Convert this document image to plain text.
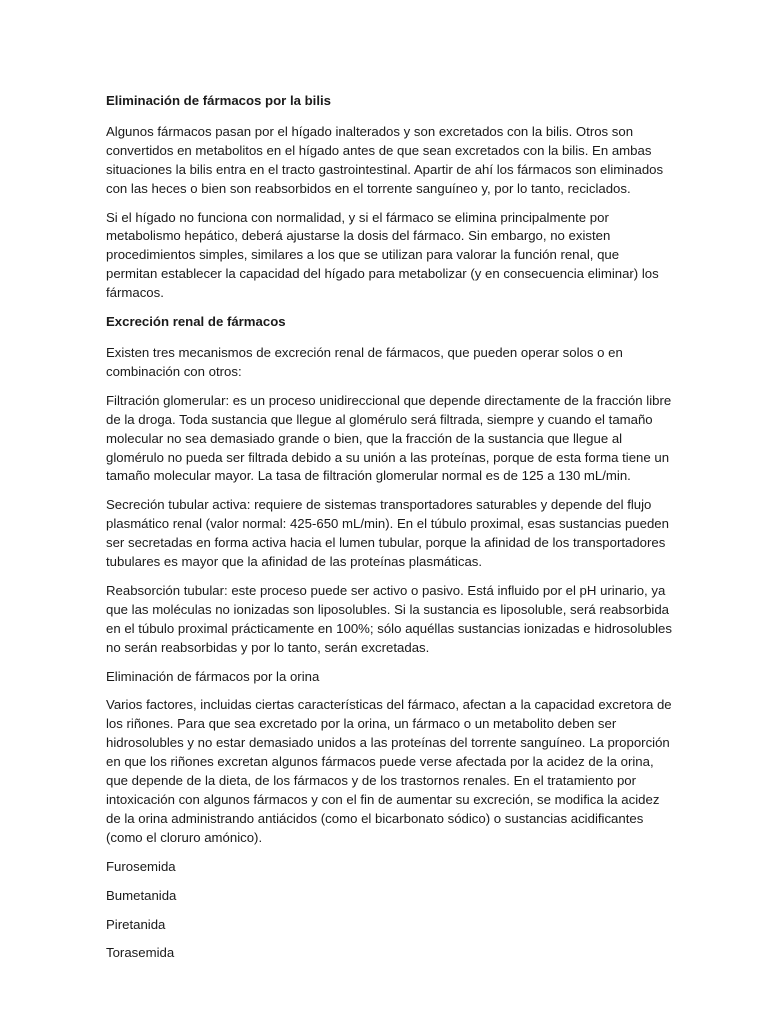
Eliminación de fármacos por la bilis

Algunos fármacos pasan por el hígado inalterados y son excretados con la bilis. Otros son convertidos en metabolitos en el hígado antes de que sean excretados con la bilis. En ambas situaciones la bilis entra en el tracto gastrointestinal. Apartir de ahí los fármacos son eliminados con las heces o bien son reabsorbidos en el torrente sanguíneo y, por lo tanto, reciclados.

Si el hígado no funciona con normalidad, y si el fármaco se elimina principalmente por metabolismo hepático, deberá ajustarse la dosis del fármaco. Sin embargo, no existen procedimientos simples, similares a los que se utilizan para valorar la función renal, que permitan establecer la capacidad del hígado para metabolizar (y en consecuencia eliminar) los fármacos.

Excreción renal de fármacos

Existen tres mecanismos de excreción renal de fármacos, que pueden operar solos o en combinación con otros:

Filtración glomerular: es un proceso unidireccional que depende directamente de la fracción libre de la droga. Toda sustancia que llegue al glomérulo será filtrada, siempre y cuando el tamaño molecular no sea demasiado grande o bien, que la fracción de la sustancia que llegue al glomérulo no pueda ser filtrada debido a su unión a las proteínas, porque de esta forma tiene un tamaño molecular mayor. La tasa de filtración glomerular normal es de 125 a 130 mL/min.

Secreción tubular activa: requiere de sistemas transportadores saturables y depende del flujo plasmático renal (valor normal: 425-650 mL/min). En el túbulo proximal, esas sustancias pueden ser secretadas en forma activa hacia el lumen tubular, porque la afinidad de los transportadores tubulares es mayor que la afinidad de las proteínas plasmáticas.

Reabsorción tubular: este proceso puede ser activo o pasivo. Está influido por el pH urinario, ya que las moléculas no ionizadas son liposolubles. Si la sustancia es liposoluble, será reabsorbida en el túbulo proximal prácticamente en 100%; sólo aquéllas sustancias ionizadas e hidrosolubles no serán reabsorbidas y por lo tanto, serán excretadas.

Eliminación de fármacos por la orina

Varios factores, incluidas ciertas características del fármaco, afectan a la capacidad excretora de los riñones. Para que sea excretado por la orina, un fármaco o un metabolito deben ser hidrosolubles y no estar demasiado unidos a las proteínas del torrente sanguíneo. La proporción en que los riñones excretan algunos fármacos puede verse afectada por la acidez de la orina, que depende de la dieta, de los fármacos y de los trastornos renales. En el tratamiento por intoxicación con algunos fármacos y con el fin de aumentar su excreción, se modifica la acidez de la orina administrando antiácidos (como el bicarbonato sódico) o sustancias acidificantes (como el cloruro amónico).

Furosemida
Bumetanida
Piretanida
Torasemida
